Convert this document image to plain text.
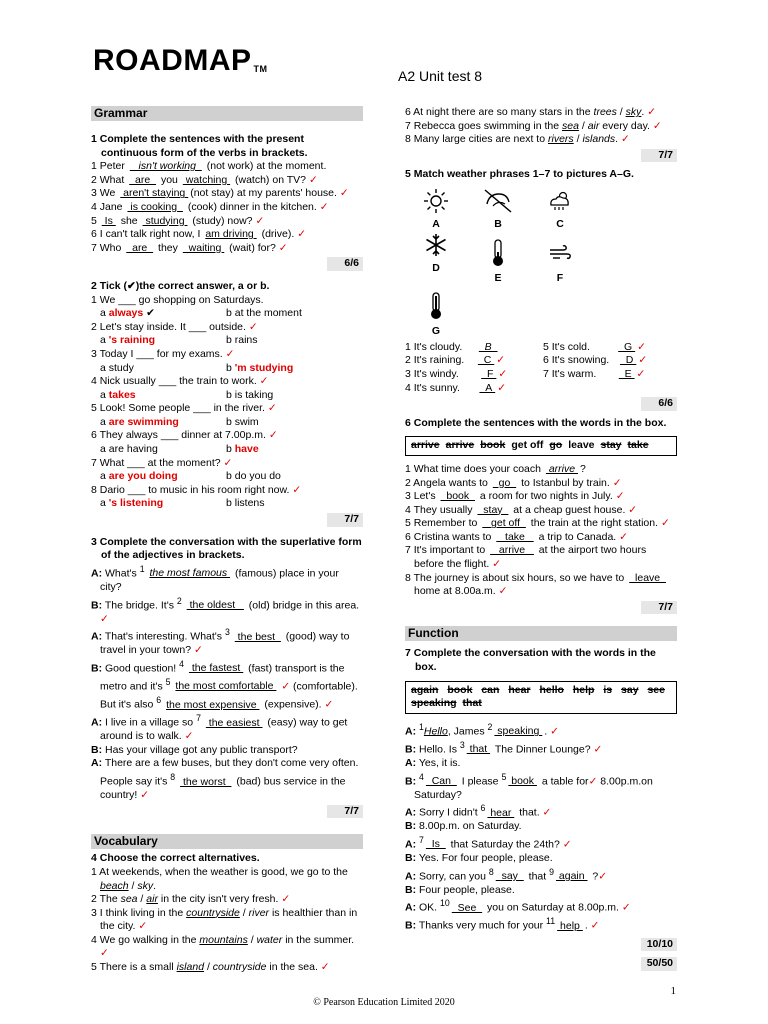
ROADMAP ™	A2 Unit test 8
Grammar
1 Complete the sentences with the present continuous form of the verbs in brackets.
1 Peter    isn't working   (not work) at the moment.
2 What   are   you  watching  (watch) on TV? ✓
3 We  aren't staying (not stay) at my parents' house. ✓
4 Jane  is cooking   (cook) dinner in the kitchen. ✓
5  Is  she  studying  (study) now? ✓
6 I can't talk right now, I am driving  (drive). ✓
7 Who   are   they   waiting  (wait) for? ✓
6/6
2 Tick (✔)the correct answer, a or b.
1 We ___ go shopping on Saturdays.
a always ✔	b at the moment
2 Let's stay inside. It ___ outside. ✓
a 's raining	b rains
3 Today I ___ for my exams. ✓
a study	b 'm studying
4 Nick usually ___ the train to work. ✓
a takes	b is taking
5 Look! Some people ___ in the river. ✓
a are swimming	b swim
6 They always ___ dinner at 7.00p.m. ✓
a are having	b have
7 What ___ at the moment? ✓
a are you doing	b do you do
8 Dario ___ to music in his room right now. ✓
a 's listening	b listens
7/7
3 Complete the conversation with the superlative form of the adjectives in brackets.
A: What's $^1$ the most famous  (famous) place in your city?
B: The bridge. It's $^2$  the oldest    (old) bridge in this area. ✓
A: That's interesting. What's $^3$  the best   (good) way to travel in your town? ✓
B: Good question! $^4$  the fastest  (fast) transport is the metro and it's $^5$ the most comfortable  ✓ (comfortable). But it's also $^6$ the most expensive  (expensive). ✓
A: I live in a village so $^7$  the easiest  (easy) way to get around is to walk. ✓
B: Has your village got any public transport?
A: There are a few buses, but they don't come very often. People say it's $^8$  the worst   (bad) bus service in the country! ✓
7/7
Vocabulary
4 Choose the correct alternatives.
1 At weekends, when the weather is good, we go to the beach / sky.
2 The sea / air in the city isn't very fresh. ✓
3 I think living in the countryside / river is healthier than in the city. ✓
4 We go walking in the mountains / water in the summer. ✓
5 There is a small island / countryside in the sea. ✓
6 At night there are so many stars in the trees / sky. ✓
7 Rebecca goes swimming in the sea / air every day. ✓
8 Many large cities are next to rivers / islands. ✓
7/7
5 Match weather phrases 1–7 to pictures A–G.
A	B	C
D
E	F
G
1 It's cloudy.       B	5 It's cold.           G ✓
2 It's raining.      C ✓	6 It's snowing.     D ✓
3 It's windy.         F ✓	7 It's warm.         E ✓
4 It's sunny.        A ✓
6/6
6 Complete the sentences with the words in the box.
arrive arrive book get off go leave stay take
1 What time does your coach  arrive ?
2 Angela wants to   go   to Istanbul by train. ✓
3 Let's   book   a room for two nights in July. ✓
4 They usually   stay   at a cheap guest house. ✓
5 Remember to    get off   the train at the right station. ✓
6 Cristina wants to    take    a trip to Canada. ✓
7 It's important to    arrive    at the airport two hours before the flight. ✓
8 The journey is about six hours, so we have to   leave   home at 8.00a.m. ✓
7/7
Function
7 Complete the conversation with the words in the box.
again book can hear hello help is say see
speaking that
A: $^1$Hello, James $^2$ speaking . ✓
B: Hello. Is $^3$ that  The Dinner Lounge? ✓
A: Yes, it is.
B: $^4$  Can   I please $^5$ book  a table for✓ 8.00p.m.on Saturday?
A: Sorry I didn't $^6$ hear  that. ✓
B: 8.00p.m. on Saturday.
A: $^7$  Is   that Saturday the 24th? ✓
B: Yes. For four people, please.
A: Sorry, can you $^8$  say   that $^9$ again  ?✓
B: Four people, please.
A: OK. $^{10}$  See   you on Saturday at 8.00p.m. ✓
B: Thanks very much for your $^{11}$ help . ✓
10/10
50/50
1
© Pearson Education Limited 2020
